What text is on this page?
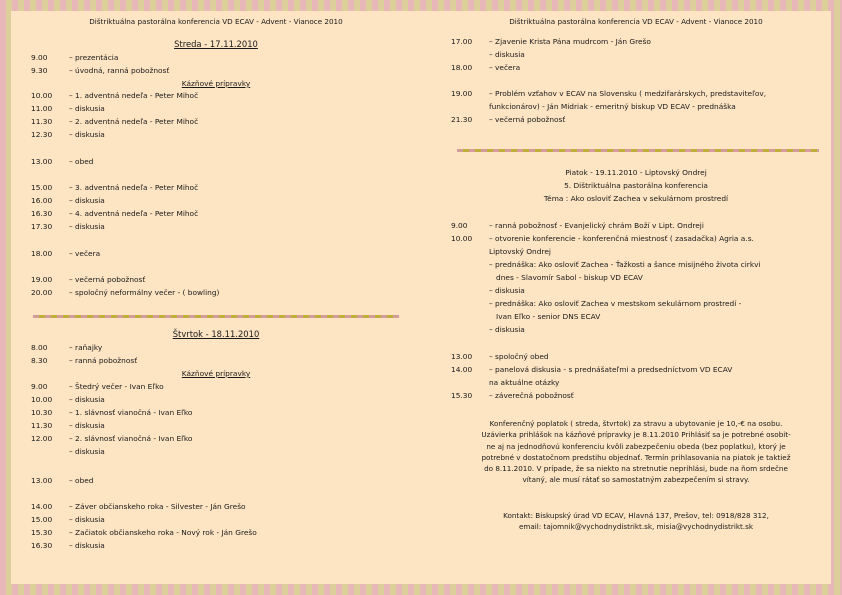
Dištriktuálna pastorálna konferencia VD ECAV - Advent - Vianoce 2010
Streda - 17.11.2010
9.00	– prezentácia
9.30	– úvodná, ranná pobožnosť
Kázňové prípravky
10.00 – 1. adventná nedeľa - Peter Mihoč
11.00 – diskusia
11.30 – 2. adventná nedeľa - Peter Mihoč
12.30 – diskusia
13.00 – obed
15.00 – 3. adventná nedeľa - Peter Mihoč
16.00 – diskusia
16.30 – 4. adventná nedeľa - Peter Mihoč
17.30 – diskusia
18.00 – večera
19.00 – večerná pobožnosť
20.00 – spoločný neformálny večer - ( bowling)
Štvrtok - 18.11.2010
8.00	– raňajky
8.30	– ranná pobožnosť
Kázňové prípravky
9.00	– Štedrý večer - Ivan Eľko
10.00 – diskusia
10.30 – 1. slávnosť vianočná - Ivan Eľko
11.30 – diskusia
12.00 – 2. slávnosť vianočná - Ivan Eľko
– diskusia
13.00 – obed
14.00 – Záver občianskeho roka - Silvester - Ján Grešo
15.00 – diskusia
15.30 – Začiatok občianskeho roka - Nový rok - Ján Grešo
16.30 – diskusia
Dištriktuálna pastorálna konferencia VD ECAV - Advent - Vianoce 2010
17.00 – Zjavenie Krista Pána mudrcom - Ján Grešo
– diskusia
18.00 – večera
19.00 – Problém vzťahov v ECAV na Slovensku ( medzifarárskych, predstaviteľov,
funkcionárov) - Ján Midriak - emeritný biskup VD ECAV - prednáška
21.30 – večerná pobožnosť
Piatok - 19.11.2010 - Liptovský Ondrej
5. Dištriktuálna pastorálna konferencia
Téma : Ako osloviť Zachea v sekulárnom prostredí
9.00	– ranná pobožnosť - Evanjelický chrám Boží v Lipt. Ondreji
10.00 – otvorenie konferencie - konferenčná miestnosť ( zasadačka) Agria a.s.
Liptovský Ondrej
– prednáška: Ako osloviť Zachea - Ťažkosti a šance misijného života cirkvi
dnes - Slavomír Sabol - biskup VD ECAV
– diskusia
– prednáška: Ako osloviť Zachea v mestskom sekulárnom prostredí -
Ivan Eľko - senior DNS ECAV
– diskusia
13.00 – spoločný obed
14.00 – panelová diskusia - s prednášateľmi a predsedníctvom VD ECAV
na aktuálne otázky
15.30 – záverečná pobožnosť
Konferenčný poplatok ( streda, štvrtok) za stravu a ubytovanie je 10,-€ na osobu.
Uzávierka prihlášok na kázňové prípravky je 8.11.2010 Prihlásiť sa je potrebné osobit-
ne aj na jednodňovú konferenciu kvôli zabezpečeniu obeda (bez poplatku), ktorý je
potrebné v dostatočnom predstihu objednať. Termín prihlasovania na piatok je taktiež
do 8.11.2010. V prípade, že sa niekto na stretnutie neprihlási, bude na ňom srdečne
vítaný, ale musí rátať so samostatným zabezpečením si stravy.
Kontakt: Biskupský úrad VD ECAV, Hlavná 137, Prešov, tel: 0918/828 312,
email: tajomnik@vychodnydistrikt.sk, misia@vychodnydistrikt.sk
